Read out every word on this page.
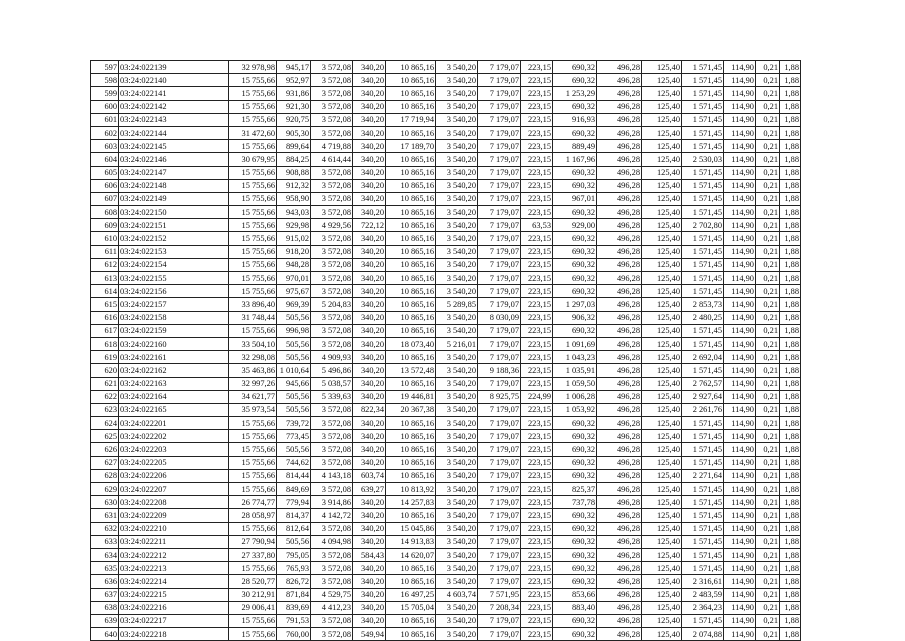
597	03:24:022139	32 978,98	945,17	3 572,08	340,20	10 865,16	3 540,20	7 179,07	223,15	690,32	496,28	125,40	1 571,45	114,90	0,21	1,88
598	03:24:022140	15 755,66	952,97	3 572,08	340,20	10 865,16	3 540,20	7 179,07	223,15	690,32	496,28	125,40	1 571,45	114,90	0,21	1,88
599	03:24:022141	15 755,66	931,86	3 572,08	340,20	10 865,16	3 540,20	7 179,07	223,15	1 253,29	496,28	125,40	1 571,45	114,90	0,21	1,88
600	03:24:022142	15 755,66	921,30	3 572,08	340,20	10 865,16	3 540,20	7 179,07	223,15	690,32	496,28	125,40	1 571,45	114,90	0,21	1,88
601	03:24:022143	15 755,66	920,75	3 572,08	340,20	17 719,94	3 540,20	7 179,07	223,15	916,93	496,28	125,40	1 571,45	114,90	0,21	1,88
602	03:24:022144	31 472,60	905,30	3 572,08	340,20	10 865,16	3 540,20	7 179,07	223,15	690,32	496,28	125,40	1 571,45	114,90	0,21	1,88
603	03:24:022145	15 755,66	899,64	4 719,88	340,20	17 189,70	3 540,20	7 179,07	223,15	889,49	496,28	125,40	1 571,45	114,90	0,21	1,88
604	03:24:022146	30 679,95	884,25	4 614,44	340,20	10 865,16	3 540,20	7 179,07	223,15	1 167,96	496,28	125,40	2 530,03	114,90	0,21	1,88
605	03:24:022147	15 755,66	908,88	3 572,08	340,20	10 865,16	3 540,20	7 179,07	223,15	690,32	496,28	125,40	1 571,45	114,90	0,21	1,88
606	03:24:022148	15 755,66	912,32	3 572,08	340,20	10 865,16	3 540,20	7 179,07	223,15	690,32	496,28	125,40	1 571,45	114,90	0,21	1,88
607	03:24:022149	15 755,66	958,90	3 572,08	340,20	10 865,16	3 540,20	7 179,07	223,15	967,01	496,28	125,40	1 571,45	114,90	0,21	1,88
608	03:24:022150	15 755,66	943,03	3 572,08	340,20	10 865,16	3 540,20	7 179,07	223,15	690,32	496,28	125,40	1 571,45	114,90	0,21	1,88
609	03:24:022151	15 755,66	929,98	4 929,56	722,12	10 865,16	3 540,20	7 179,07	63,53	929,00	496,28	125,40	2 702,80	114,90	0,21	1,88
610	03:24:022152	15 755,66	915,02	3 572,08	340,20	10 865,16	3 540,20	7 179,07	223,15	690,32	496,28	125,40	1 571,45	114,90	0,21	1,88
611	03:24:022153	15 755,66	918,20	3 572,08	340,20	10 865,16	3 540,20	7 179,07	223,15	690,32	496,28	125,40	1 571,45	114,90	0,21	1,88
612	03:24:022154	15 755,66	948,28	3 572,08	340,20	10 865,16	3 540,20	7 179,07	223,15	690,32	496,28	125,40	1 571,45	114,90	0,21	1,88
613	03:24:022155	15 755,66	970,01	3 572,08	340,20	10 865,16	3 540,20	7 179,07	223,15	690,32	496,28	125,40	1 571,45	114,90	0,21	1,88
614	03:24:022156	15 755,66	975,67	3 572,08	340,20	10 865,16	3 540,20	7 179,07	223,15	690,32	496,28	125,40	1 571,45	114,90	0,21	1,88
615	03:24:022157	33 896,40	969,39	5 204,83	340,20	10 865,16	5 289,85	7 179,07	223,15	1 297,03	496,28	125,40	2 853,73	114,90	0,21	1,88
616	03:24:022158	31 748,44	505,56	3 572,08	340,20	10 865,16	3 540,20	8 030,09	223,15	906,32	496,28	125,40	2 480,25	114,90	0,21	1,88
617	03:24:022159	15 755,66	996,98	3 572,08	340,20	10 865,16	3 540,20	7 179,07	223,15	690,32	496,28	125,40	1 571,45	114,90	0,21	1,88
618	03:24:022160	33 504,10	505,56	3 572,08	340,20	18 073,40	5 216,01	7 179,07	223,15	1 091,69	496,28	125,40	1 571,45	114,90	0,21	1,88
619	03:24:022161	32 298,08	505,56	4 909,93	340,20	10 865,16	3 540,20	7 179,07	223,15	1 043,23	496,28	125,40	2 692,04	114,90	0,21	1,88
620	03:24:022162	35 463,86	1 010,64	5 496,86	340,20	13 572,48	3 540,20	9 188,36	223,15	1 035,91	496,28	125,40	1 571,45	114,90	0,21	1,88
621	03:24:022163	32 997,26	945,66	5 038,57	340,20	10 865,16	3 540,20	7 179,07	223,15	1 059,50	496,28	125,40	2 762,57	114,90	0,21	1,88
622	03:24:022164	34 621,77	505,56	5 339,63	340,20	19 446,81	3 540,20	8 925,75	224,99	1 006,28	496,28	125,40	2 927,64	114,90	0,21	1,88
623	03:24:022165	35 973,54	505,56	3 572,08	822,34	20 367,38	3 540,20	7 179,07	223,15	1 053,92	496,28	125,40	2 261,76	114,90	0,21	1,88
624	03:24:022201	15 755,66	739,72	3 572,08	340,20	10 865,16	3 540,20	7 179,07	223,15	690,32	496,28	125,40	1 571,45	114,90	0,21	1,88
625	03:24:022202	15 755,66	773,45	3 572,08	340,20	10 865,16	3 540,20	7 179,07	223,15	690,32	496,28	125,40	1 571,45	114,90	0,21	1,88
626	03:24:022203	15 755,66	505,56	3 572,08	340,20	10 865,16	3 540,20	7 179,07	223,15	690,32	496,28	125,40	1 571,45	114,90	0,21	1,88
627	03:24:022205	15 755,66	744,62	3 572,08	340,20	10 865,16	3 540,20	7 179,07	223,15	690,32	496,28	125,40	1 571,45	114,90	0,21	1,88
628	03:24:022206	15 755,66	814,44	4 143,18	603,74	10 865,16	3 540,20	7 179,07	223,15	690,32	496,28	125,40	2 271,64	114,90	0,21	1,88
629	03:24:022207	15 755,66	849,69	3 572,08	639,27	10 813,92	3 540,20	7 179,07	223,15	825,37	496,28	125,40	1 571,45	114,90	0,21	1,88
630	03:24:022208	26 774,77	779,94	3 914,86	340,20	14 257,83	3 540,20	7 179,07	223,15	737,78	496,28	125,40	1 571,45	114,90	0,21	1,88
631	03:24:022209	28 058,97	814,37	4 142,72	340,20	10 865,16	3 540,20	7 179,07	223,15	690,32	496,28	125,40	1 571,45	114,90	0,21	1,88
632	03:24:022210	15 755,66	812,64	3 572,08	340,20	15 045,86	3 540,20	7 179,07	223,15	690,32	496,28	125,40	1 571,45	114,90	0,21	1,88
633	03:24:022211	27 790,94	505,56	4 094,98	340,20	14 913,83	3 540,20	7 179,07	223,15	690,32	496,28	125,40	1 571,45	114,90	0,21	1,88
634	03:24:022212	27 337,80	795,05	3 572,08	584,43	14 620,07	3 540,20	7 179,07	223,15	690,32	496,28	125,40	1 571,45	114,90	0,21	1,88
635	03:24:022213	15 755,66	765,93	3 572,08	340,20	10 865,16	3 540,20	7 179,07	223,15	690,32	496,28	125,40	1 571,45	114,90	0,21	1,88
636	03:24:022214	28 520,77	826,72	3 572,08	340,20	10 865,16	3 540,20	7 179,07	223,15	690,32	496,28	125,40	2 316,61	114,90	0,21	1,88
637	03:24:022215	30 212,91	871,84	4 529,75	340,20	16 497,25	4 603,74	7 571,95	223,15	853,66	496,28	125,40	2 483,59	114,90	0,21	1,88
638	03:24:022216	29 006,41	839,69	4 412,23	340,20	15 705,04	3 540,20	7 208,34	223,15	883,40	496,28	125,40	2 364,23	114,90	0,21	1,88
639	03:24:022217	15 755,66	791,53	3 572,08	340,20	10 865,16	3 540,20	7 179,07	223,15	690,32	496,28	125,40	1 571,45	114,90	0,21	1,88
640	03:24:022218	15 755,66	760,00	3 572,08	549,94	10 865,16	3 540,20	7 179,07	223,15	690,32	496,28	125,40	2 074,88	114,90	0,21	1,88
